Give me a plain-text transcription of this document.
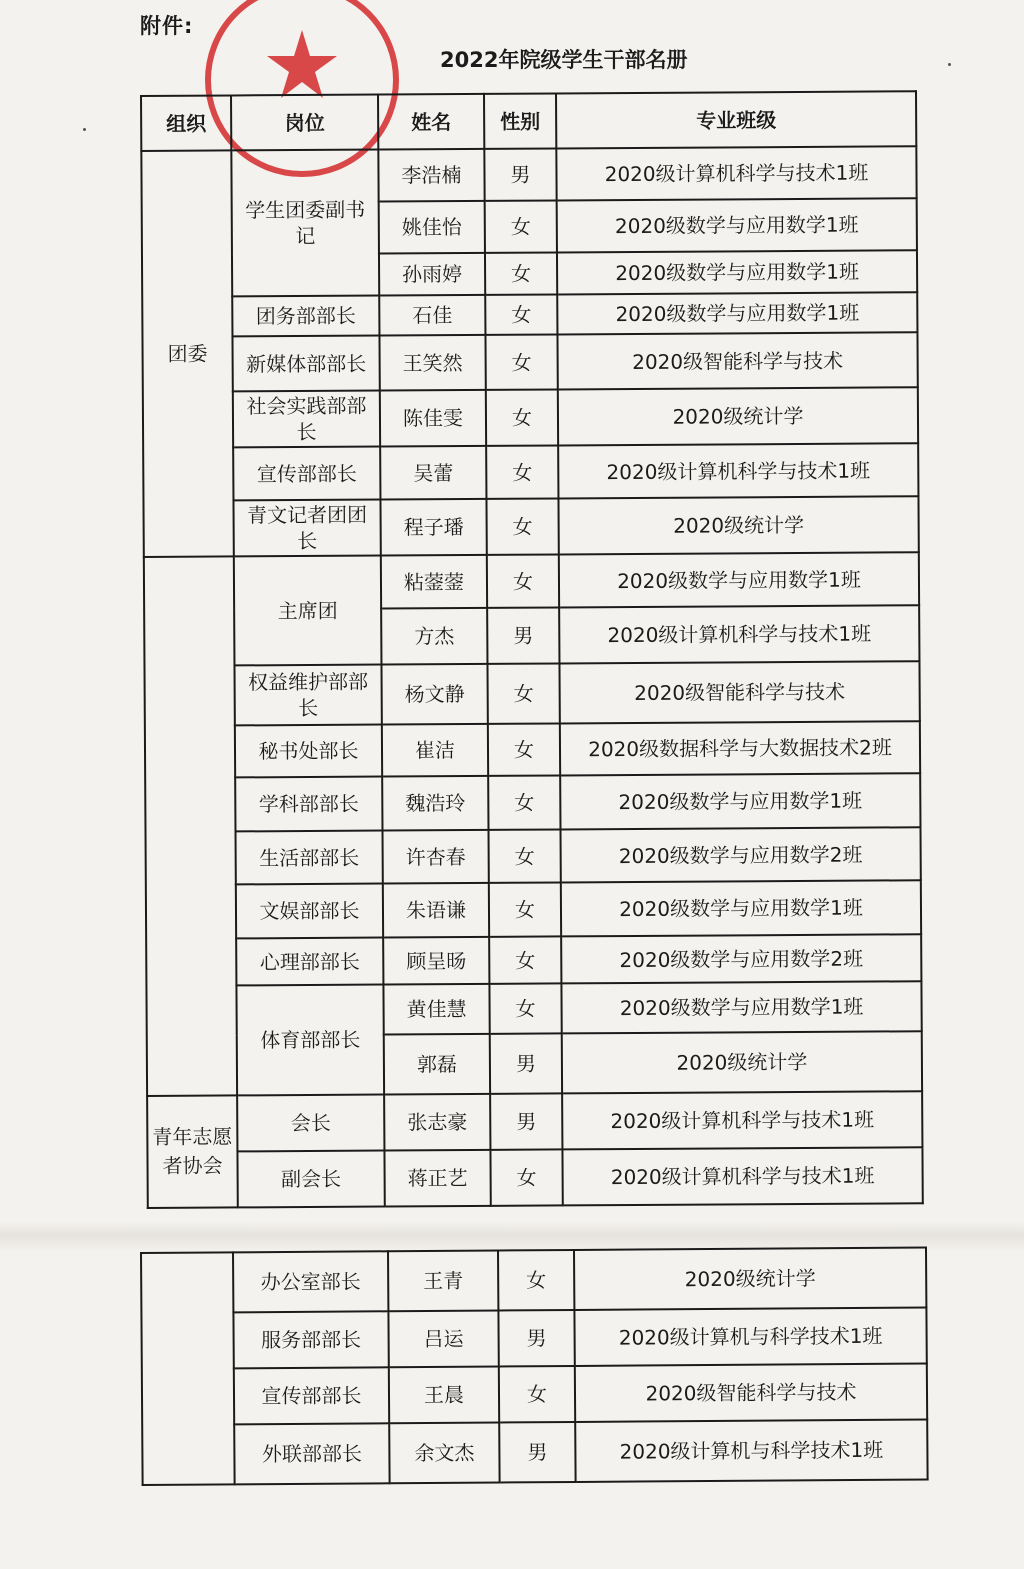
附件:
2022年院级学生干部名册
组织	岗位	姓名	性别	专业班级
团委	学生团委副书记	李浩楠	男	2020级计算机科学与技术1班
		姚佳怡	女	2020级数学与应用数学1班
		孙雨婷	女	2020级数学与应用数学1班
	团务部部长	石佳	女	2020级数学与应用数学1班
	新媒体部部长	王笑然	女	2020级智能科学与技术
	社会实践部部长	陈佳雯	女	2020级统计学
	宣传部部长	吴蕾	女	2020级计算机科学与技术1班
	青文记者团团长	程子璠	女	2020级统计学
	主席团	粘蓥蓥	女	2020级数学与应用数学1班
		方杰	男	2020级计算机科学与技术1班
	权益维护部部长	杨文静	女	2020级智能科学与技术
	秘书处部长	崔洁	女	2020级数据科学与大数据技术2班
	学科部部长	魏浩玲	女	2020级数学与应用数学1班
	生活部部长	许杏春	女	2020级数学与应用数学2班
	文娱部部长	朱语谦	女	2020级数学与应用数学1班
	心理部部长	顾呈旸	女	2020级数学与应用数学2班
	体育部部长	黄佳慧	女	2020级数学与应用数学1班
		郭磊	男	2020级统计学
青年志愿者协会	会长	张志豪	男	2020级计算机科学与技术1班
	副会长	蒋正艺	女	2020级计算机科学与技术1班
	办公室部长	王青	女	2020级统计学
	服务部部长	吕运	男	2020级计算机与科学技术1班
	宣传部部长	王晨	女	2020级智能科学与技术
	外联部部长	余文杰	男	2020级计算机与科学技术1班
